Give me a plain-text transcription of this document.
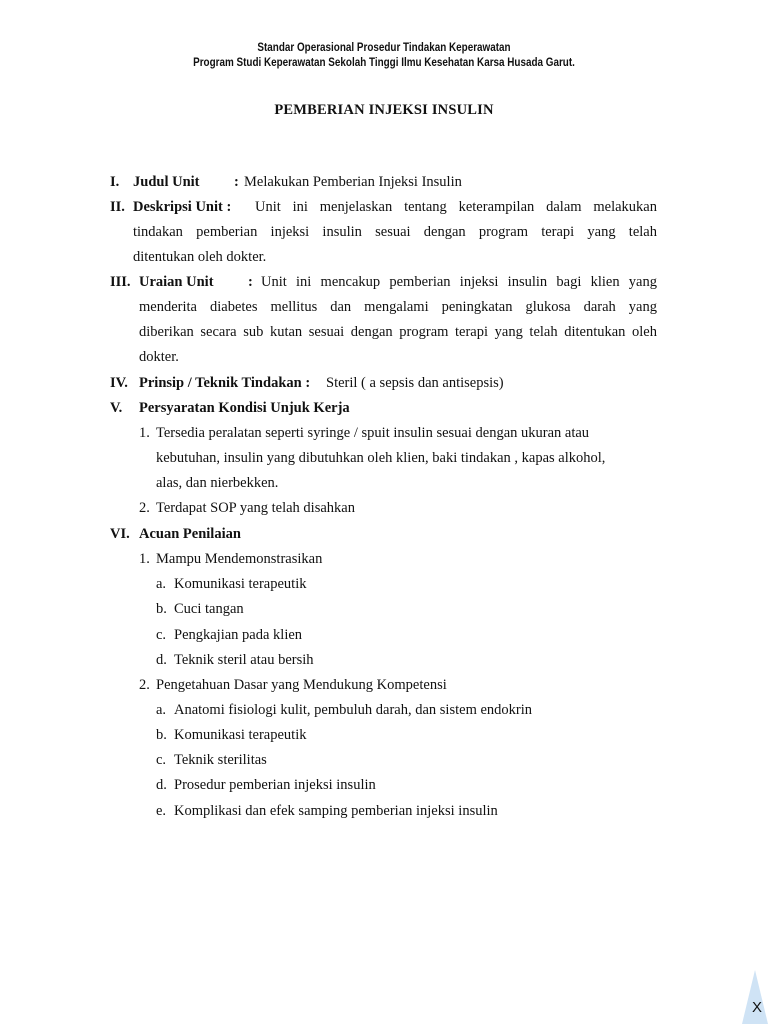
Standar Operasional Prosedur Tindakan Keperawatan
Program Studi Keperawatan Sekolah Tinggi Ilmu Kesehatan Karsa Husada Garut.
PEMBERIAN INJEKSI INSULIN
I. Judul Unit : Melakukan Pemberian Injeksi Insulin
II. Deskripsi Unit : Unit ini menjelaskan tentang keterampilan dalam melakukan
tindakan pemberian injeksi insulin sesuai dengan program terapi yang telah
ditentukan oleh dokter.
III. Uraian Unit : Unit ini mencakup pemberian injeksi insulin bagi klien yang
menderita diabetes mellitus dan mengalami peningkatan glukosa darah yang
diberikan secara sub kutan sesuai dengan program terapi yang telah ditentukan oleh
dokter.
IV. Prinsip / Teknik Tindakan : Steril ( a sepsis dan antisepsis)
V. Persyaratan Kondisi Unjuk Kerja
1. Tersedia peralatan seperti syringe / spuit insulin sesuai dengan ukuran atau
kebutuhan, insulin yang dibutuhkan oleh klien, baki tindakan , kapas alkohol,
alas, dan nierbekken.
2. Terdapat SOP yang telah disahkan
VI. Acuan Penilaian
1. Mampu Mendemonstrasikan
a. Komunikasi terapeutik
b. Cuci tangan
c. Pengkajian pada klien
d. Teknik steril atau bersih
2. Pengetahuan Dasar yang Mendukung Kompetensi
a. Anatomi fisiologi kulit, pembuluh darah, dan sistem endokrin
b. Komunikasi terapeutik
c. Teknik sterilitas
d. Prosedur pemberian injeksi insulin
e. Komplikasi dan efek samping pemberian injeksi insulin
X
